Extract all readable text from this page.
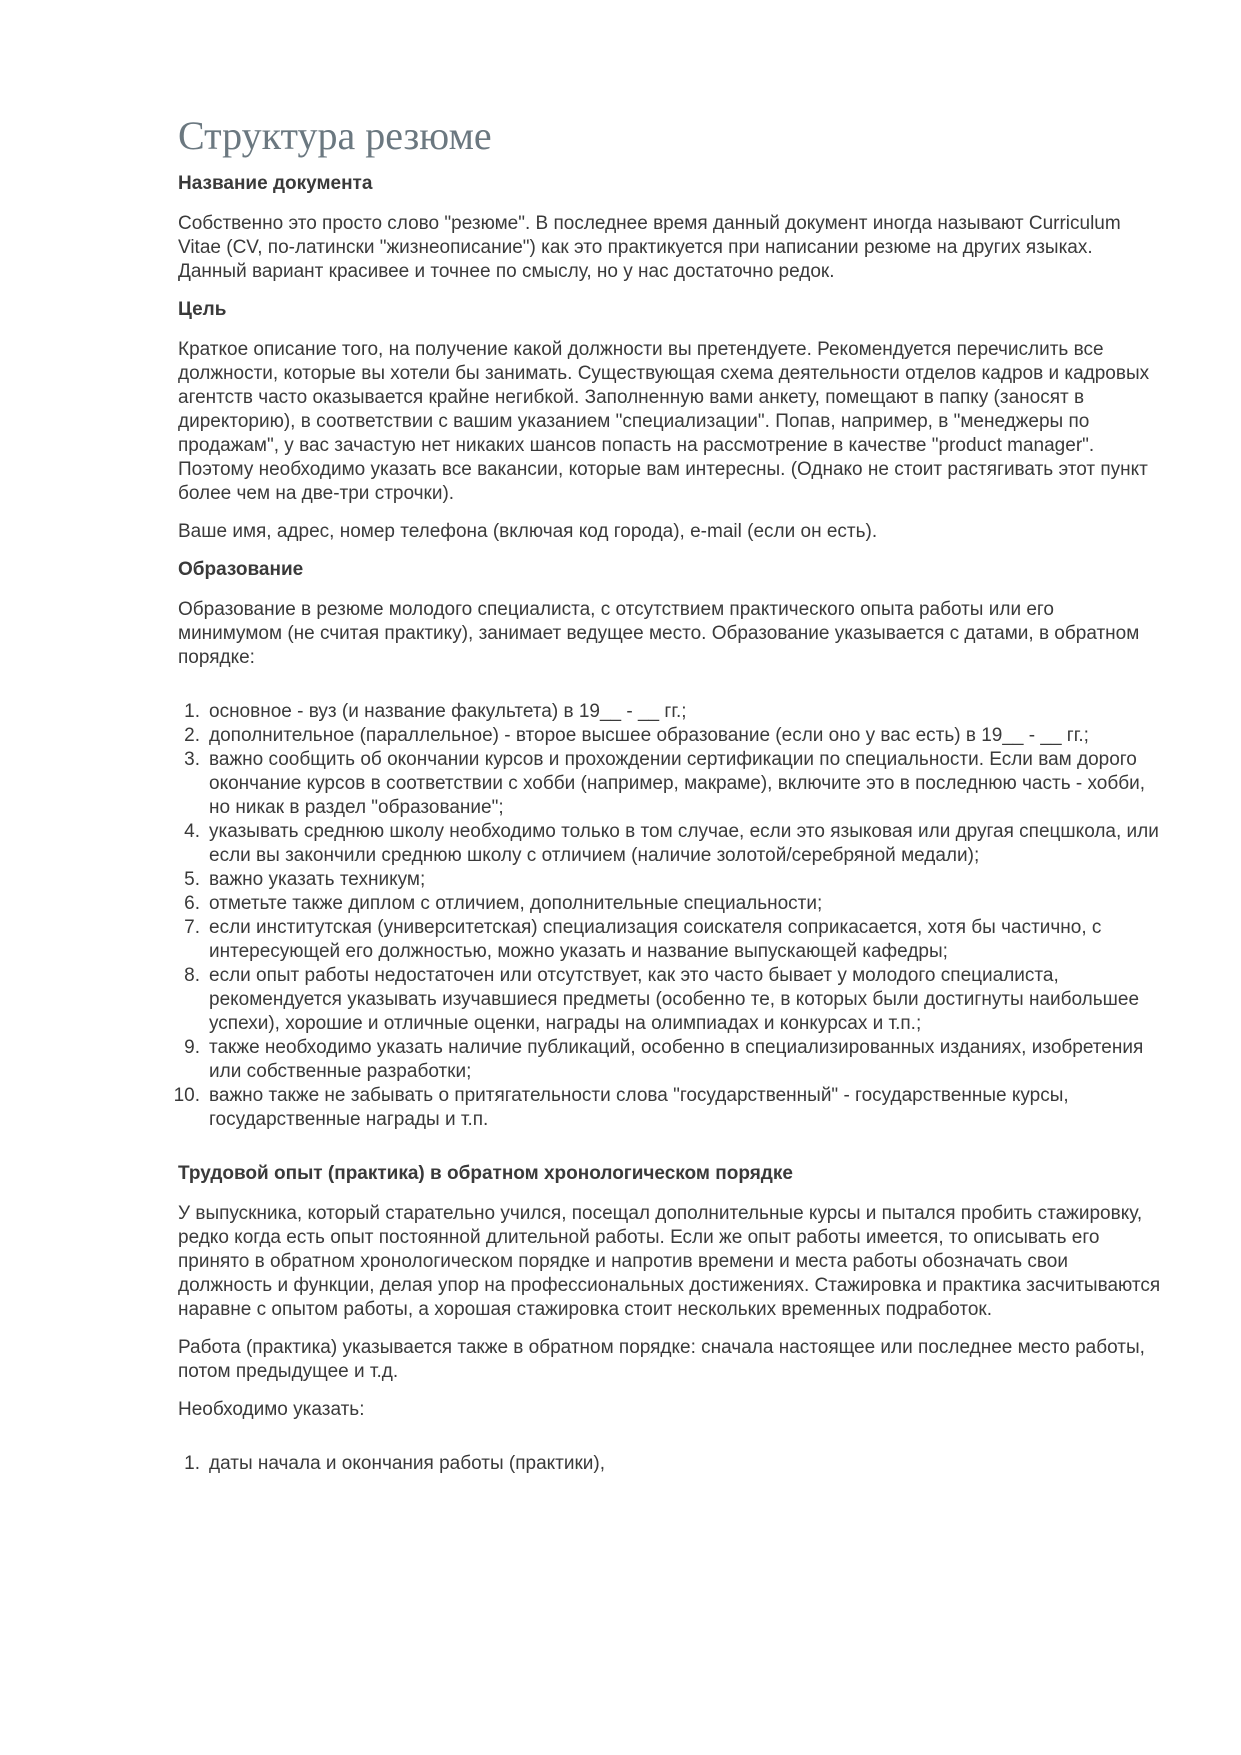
Структура резюме
Название документа

Собственно это просто слово "резюме". В последнее время данный документ иногда называют Curriculum Vitae (CV, по-латински "жизнеописание") как это практикуется при написании резюме на других языках. Данный вариант красивее и точнее по смыслу, но у нас достаточно редок.

Цель

Краткое описание того, на получение какой должности вы претендуете. Рекомендуется перечислить все должности, которые вы хотели бы занимать. Существующая схема деятельности отделов кадров и кадровых агентств часто оказывается крайне негибкой. Заполненную вами анкету, помещают в папку (заносят в директорию), в соответствии с вашим указанием "специализации". Попав, например, в "менеджеры по продажам", у вас зачастую нет никаких шансов попасть на рассмотрение в качестве "product manager". Поэтому необходимо указать все вакансии, которые вам интересны. (Однако не стоит растягивать этот пункт более чем на две-три строчки).

Ваше имя, адрес, номер телефона (включая код города), e-mail (если он есть).

Образование

Образование в резюме молодого специалиста, с отсутствием практического опыта работы или его минимумом (не считая практику), занимает ведущее место. Образование указывается с датами, в обратном порядке:

1 . основное - вуз (и название факультета) в 19__ - __ гг.;
2 . дополнительное (параллельное) - второе высшее образование (если оно у вас есть) в 19__ - __ гг.;
3 . важно сообщить об окончании курсов и прохождении сертификации по специальности. Если вам дорого окончание курсов в соответствии с хобби (например, макраме), включите это в последнюю часть - хобби, но никак в раздел "образование";
4 . указывать среднюю школу необходимо только в том случае, если это языковая или другая спецшкола, или если вы закончили среднюю школу с отличием (наличие золотой/серебряной медали);
5 . важно указать техникум;
6 . отметьте также диплом с отличием, дополнительные специальности;
7 . если институтская (университетская) специализация соискателя соприкасается, хотя бы частично, с интересующей его должностью, можно указать и название выпускающей кафедры;
8 . если опыт работы недостаточен или отсутствует, как это часто бывает у молодого специалиста, рекомендуется указывать изучавшиеся предметы (особенно те, в которых были достигнуты наибольшее успехи), хорошие и отличные оценки, награды на олимпиадах и конкурсах и т.п.;
9 . также необходимо указать наличие публикаций, особенно в специализированных изданиях, изобретения или собственные разработки;
10 . важно также не забывать о притягательности слова "государственный" - государственные курсы, государственные награды и т.п.
Трудовой опыт (практика) в обратном хронологическом порядке

У выпускника, который старательно учился, посещал дополнительные курсы и пытался пробить стажировку, редко когда есть опыт постоянной длительной работы. Если же опыт работы имеется, то описывать его принято в обратном хронологическом порядке и напротив времени и места работы обозначать свои должность и функции, делая упор на профессиональных достижениях. Стажировка и практика засчитываются наравне с опытом работы, а хорошая стажировка стоит нескольких временных подработок.

Работа (практика) указывается также в обратном порядке: сначала настоящее или последнее место работы, потом предыдущее и т.д.

Необходимо указать:

1 . даты начала и окончания работы (практики),
